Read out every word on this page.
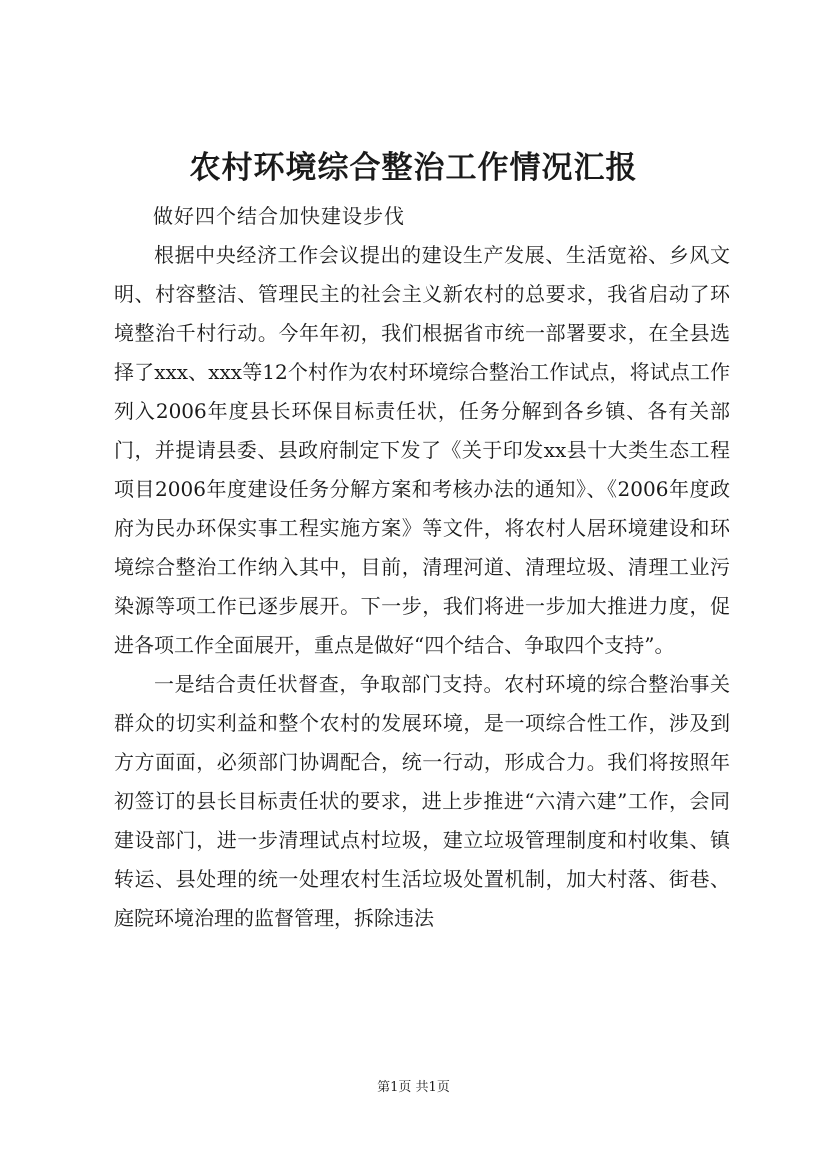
农村环境综合整治工作情况汇报
做好四个结合加快建设步伐

根据中央经济工作会议提出的建设生产发展、生活宽裕、乡风文明、村容整洁、管理民主的社会主义新农村的总要求，我省启动了环境整治千村行动。今年年初，我们根据省市统一部署要求，在全县选择了xxx、xxx等12个村作为农村环境综合整治工作试点，将试点工作列入2006年度县长环保目标责任状，任务分解到各乡镇、各有关部门，并提请县委、县政府制定下发了《关于印发xx县十大类生态工程项目2006年度建设任务分解方案和考核办法的通知》、《2006年度政府为民办环保实事工程实施方案》等文件，将农村人居环境建设和环境综合整治工作纳入其中，目前，清理河道、清理垃圾、清理工业污染源等项工作已逐步展开。下一步，我们将进一步加大推进力度，促进各项工作全面展开，重点是做好“四个结合、争取四个支持”。

一是结合责任状督查，争取部门支持。农村环境的综合整治事关群众的切实利益和整个农村的发展环境，是一项综合性工作，涉及到方方面面，必须部门协调配合，统一行动，形成合力。我们将按照年初签订的县长目标责任状的要求，进上步推进“六清六建”工作，会同建设部门，进一步清理试点村垃圾，建立垃圾管理制度和村收集、镇转运、县处理的统一处理农村生活垃圾处置机制，加大村落、街巷、庭院环境治理的监督管理，拆除违法

第1页 共1页
